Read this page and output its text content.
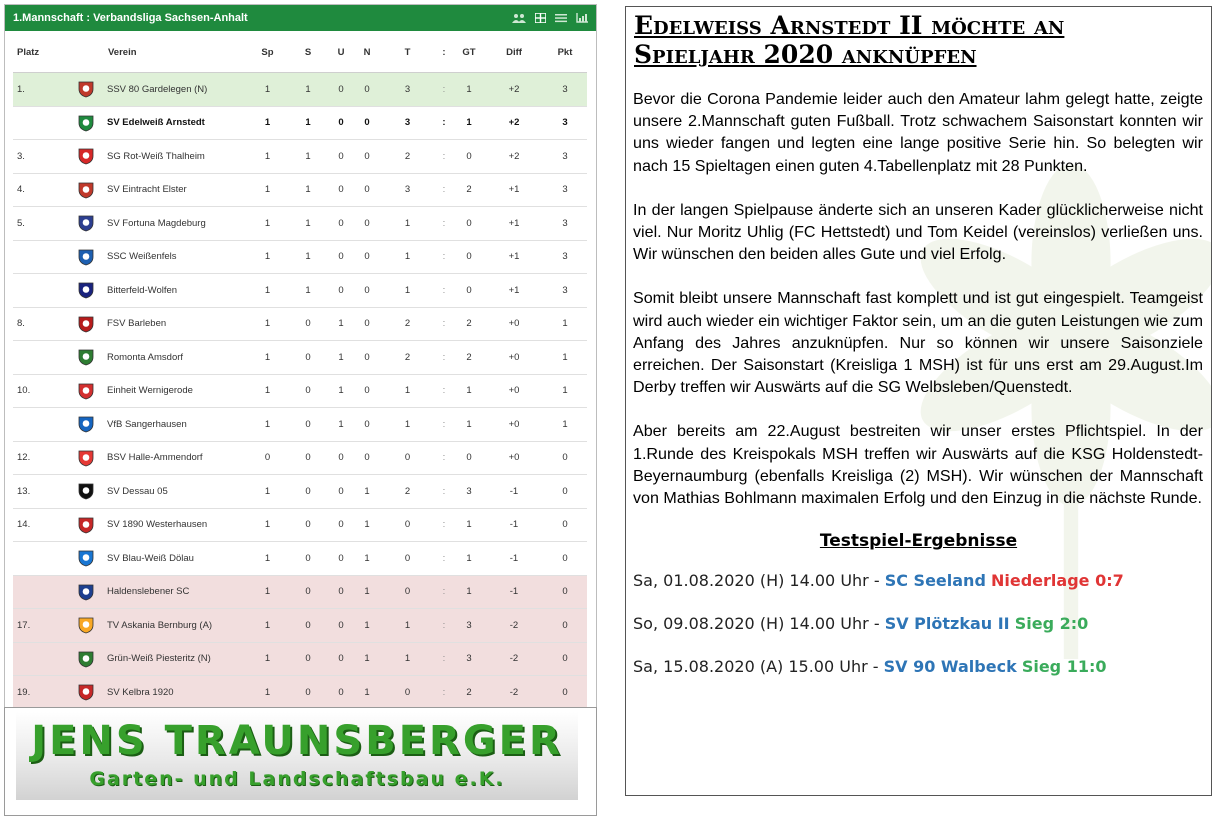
1.Mannschaft : Verbandsliga Sachsen-Anhalt
Platz		Verein	Sp	S	U	N	T	:	GT	Diff	Pkt
1.		SSV 80 Gardelegen (N)	1	1	0	0	3	:	1	+2	3
		SV Edelweiß Arnstedt	1	1	0	0	3	:	1	+2	3
3.		SG Rot-Weiß Thalheim	1	1	0	0	2	:	0	+2	3
4.		SV Eintracht Elster	1	1	0	0	3	:	2	+1	3
5.		SV Fortuna Magdeburg	1	1	0	0	1	:	0	+1	3
		SSC Weißenfels	1	1	0	0	1	:	0	+1	3
		Bitterfeld-Wolfen	1	1	0	0	1	:	0	+1	3
8.		FSV Barleben	1	0	1	0	2	:	2	+0	1
		Romonta Amsdorf	1	0	1	0	2	:	2	+0	1
10.		Einheit Wernigerode	1	0	1	0	1	:	1	+0	1
		VfB Sangerhausen	1	0	1	0	1	:	1	+0	1
12.		BSV Halle-Ammendorf	0	0	0	0	0	:	0	+0	0
13.		SV Dessau 05	1	0	0	1	2	:	3	-1	0
14.		SV 1890 Westerhausen	1	0	0	1	0	:	1	-1	0
		SV Blau-Weiß Dölau	1	0	0	1	0	:	1	-1	0
		Haldenslebener SC	1	0	0	1	0	:	1	-1	0
17.		TV Askania Bernburg (A)	1	0	0	1	1	:	3	-2	0
		Grün-Weiß Piesteritz (N)	1	0	0	1	1	:	3	-2	0
19.		SV Kelbra 1920	1	0	0	1	0	:	2	-2	0
JENS TRAUNSBERGER
Garten- und Landschaftsbau e.K.
Edelweiss Arnstedt II möchte an
Spieljahr 2020 anknüpfen

Bevor die Corona Pandemie leider auch den Amateur lahm gelegt hatte, zeigte unsere 2.Mannschaft guten Fußball. Trotz schwachem Saisonstart konnten wir uns wieder fangen und legten eine lange positive Serie hin. So belegten wir nach 15 Spieltagen einen guten 4.Tabellenplatz mit 28 Punkten.

In der langen Spielpause änderte sich an unseren Kader glücklicherweise nicht viel. Nur Moritz Uhlig (FC Hettstedt) und Tom Keidel (vereinslos) verließen uns. Wir wünschen den beiden alles Gute und viel Erfolg.

Somit bleibt unsere Mannschaft fast komplett und ist gut eingespielt. Teamgeist wird auch wieder ein wichtiger Faktor sein, um an die guten Leistungen wie zum Anfang des Jahres anzuknüpfen. Nur so können wir unsere Saisonziele erreichen. Der Saisonstart (Kreisliga 1 MSH) ist für uns erst am 29.August.Im Derby treffen wir Auswärts auf die SG Welbsleben/Quenstedt.

Aber bereits am 22.August bestreiten wir unser erstes Pflichtspiel. In der 1.Runde des Kreispokals MSH treffen wir Auswärts auf die KSG Holdenstedt-Beyernaumburg (ebenfalls Kreisliga (2) MSH). Wir wünschen der Mannschaft von Mathias Bohlmann maximalen Erfolg und den Einzug in die nächste Runde.

Testspiel-Ergebnisse
Sa, 01.08.2020 (H) 14.00 Uhr - SC Seeland Niederlage 0:7
So, 09.08.2020 (H) 14.00 Uhr - SV Plötzkau II Sieg 2:0
Sa, 15.08.2020 (A) 15.00 Uhr - SV 90 Walbeck Sieg 11:0
